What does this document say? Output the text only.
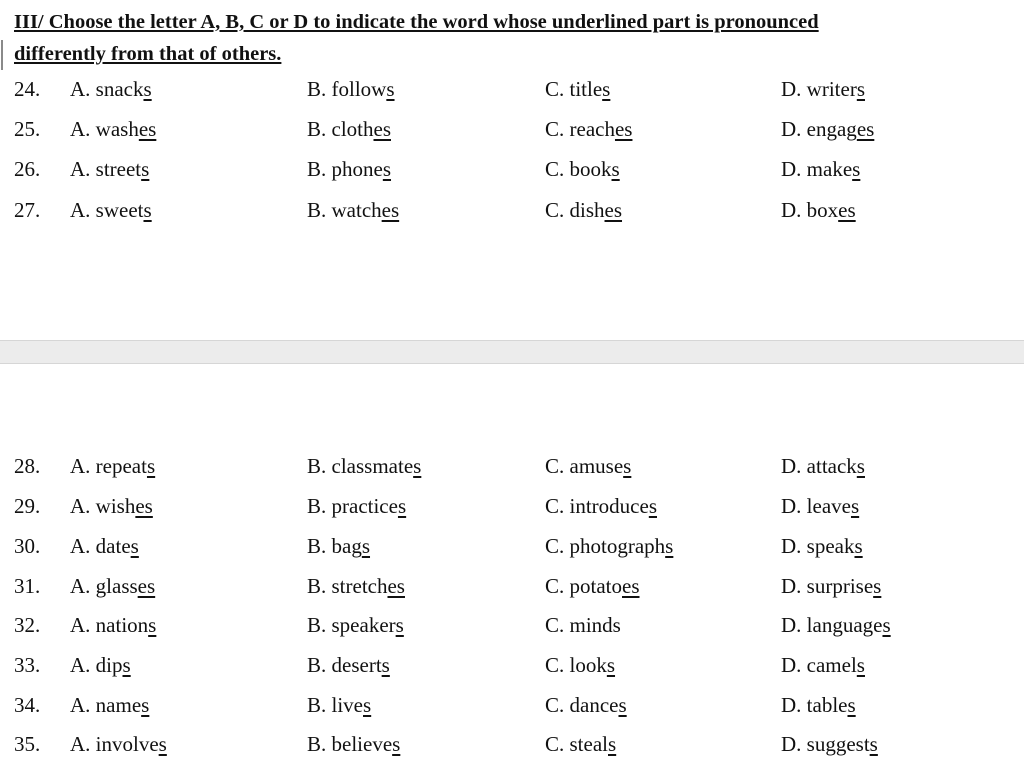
III/ Choose the letter A, B, C or D to indicate the word whose underlined part is pronounced
differently from that of others.
24. A. snacks	B. follows	C. titles	D. writers
25. A. washes	B. clothes	C. reaches	D. engages
26. A. streets	B. phones	C. books	D. makes
27. A. sweets	B. watches	C. dishes	D. boxes
28. A. repeats	B. classmates	C. amuses	D. attacks
29. A. wishes	B. practices	C. introduces	D. leaves
30. A. dates	B. bags	C. photographs	D. speaks
31. A. glasses	B. stretches	C. potatoes	D. surprises
32. A. nations	B. speakers	C. minds	D. languages
33. A. dips	B. deserts	C. looks	D. camels
34. A. names	B. lives	C. dances	D. tables
35. A. involves	B. believes	C. steals	D. suggests
